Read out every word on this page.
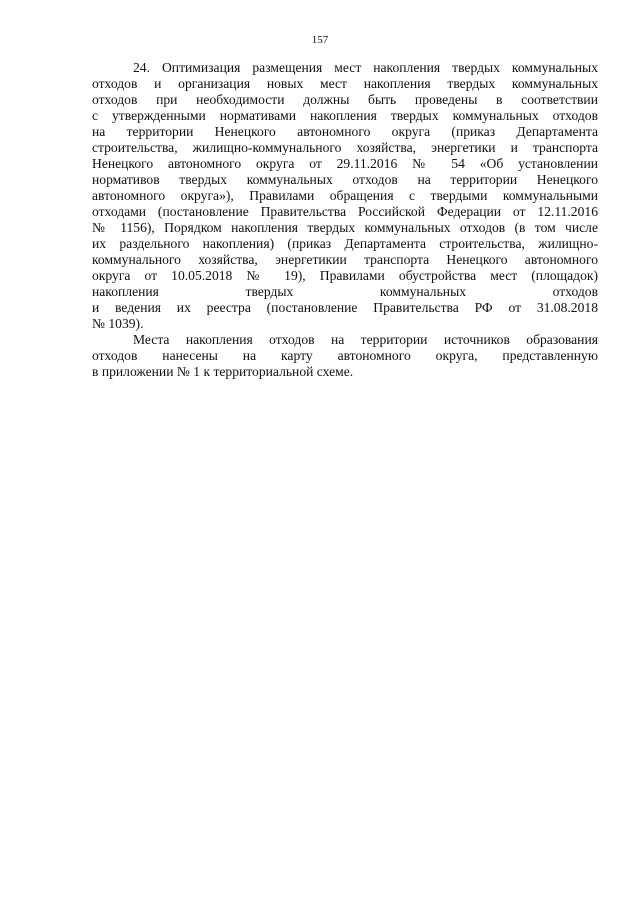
157
24. Оптимизация размещения мест накопления твердых коммунальных
отходов и организация новых мест накопления твердых коммунальных
отходов при необходимости должны быть проведены в соответствии
с утвержденными нормативами накопления твердых коммунальных отходов
на территории Ненецкого автономного округа (приказ Департамента
строительства, жилищно-коммунального хозяйства, энергетики и транспорта
Ненецкого автономного округа от 29.11.2016 № 54 «Об установлении
нормативов твердых коммунальных отходов на территории Ненецкого
автономного округа»), Правилами обращения с твердыми коммунальными
отходами (постановление Правительства Российской Федерации от 12.11.2016
№ 1156), Порядком накопления твердых коммунальных отходов (в том числе
их раздельного накопления) (приказ Департамента строительства, жилищно-
коммунального хозяйства, энергетикии транспорта Ненецкого автономного
округа от 10.05.2018 № 19), Правилами обустройства мест (площадок)
накопления твердых коммунальных отходов
и ведения их реестра (постановление Правительства РФ от 31.08.2018
№ 1039).
Места накопления отходов на территории источников образования
отходов нанесены на карту автономного округа, представленную
в приложении № 1 к территориальной схеме.
